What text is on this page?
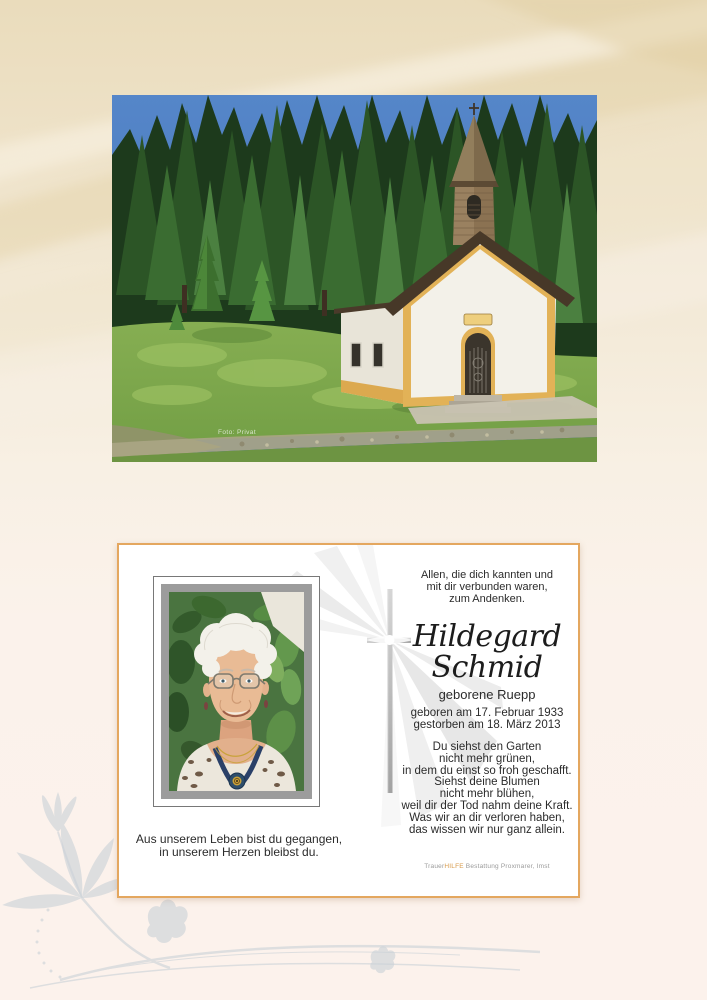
Foto: Privat
Aus unserem Leben bist du gegangen,
in unserem Herzen bleibst du.
Allen, die dich kannten und
mit dir verbunden waren,
zum Andenken.
Hildegard
Schmid
geborene Ruepp
geboren am 17. Februar 1933
gestorben am 18. März 2013
Du siehst den Garten
nicht mehr grünen,
in dem du einst so froh geschafft.
Siehst deine Blumen
nicht mehr blühen,
weil dir der Tod nahm deine Kraft.
Was wir an dir verloren haben,
das wissen wir nur ganz allein.
TrauerHILFE Bestattung Proxmarer, Imst
